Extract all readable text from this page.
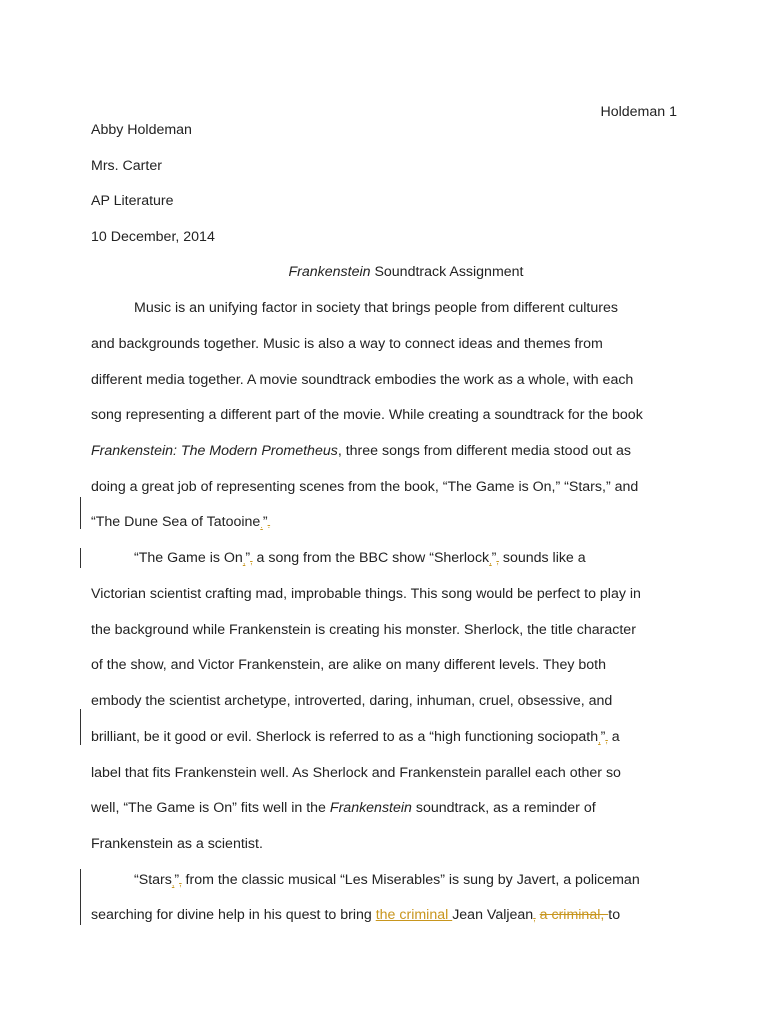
Holdeman 1
Abby Holdeman
Mrs. Carter
AP Literature
10 December, 2014
Frankenstein Soundtrack Assignment
Music is an unifying factor in society that brings people from different cultures
and backgrounds together. Music is also a way to connect ideas and themes from
different media together. A movie soundtrack embodies the work as a whole, with each
song representing a different part of the movie. While creating a soundtrack for the book
Frankenstein: The Modern Prometheus, three songs from different media stood out as
doing a great job of representing scenes from the book, “The Game is On,” “Stars,” and
“The Dune Sea of Tatooine.”.
“The Game is On,”, a song from the BBC show “Sherlock,”, sounds like a
Victorian scientist crafting mad, improbable things. This song would be perfect to play in
the background while Frankenstein is creating his monster. Sherlock, the title character
of the show, and Victor Frankenstein, are alike on many different levels. They both
embody the scientist archetype, introverted, daring, inhuman, cruel, obsessive, and
brilliant, be it good or evil. Sherlock is referred to as a “high functioning sociopath,”, a
label that fits Frankenstein well. As Sherlock and Frankenstein parallel each other so
well, “The Game is On” fits well in the Frankenstein soundtrack, as a reminder of
Frankenstein as a scientist.
“Stars,”, from the classic musical “Les Miserables” is sung by Javert, a policeman
searching for divine help in his quest to bring the criminal Jean Valjean, a criminal, to
